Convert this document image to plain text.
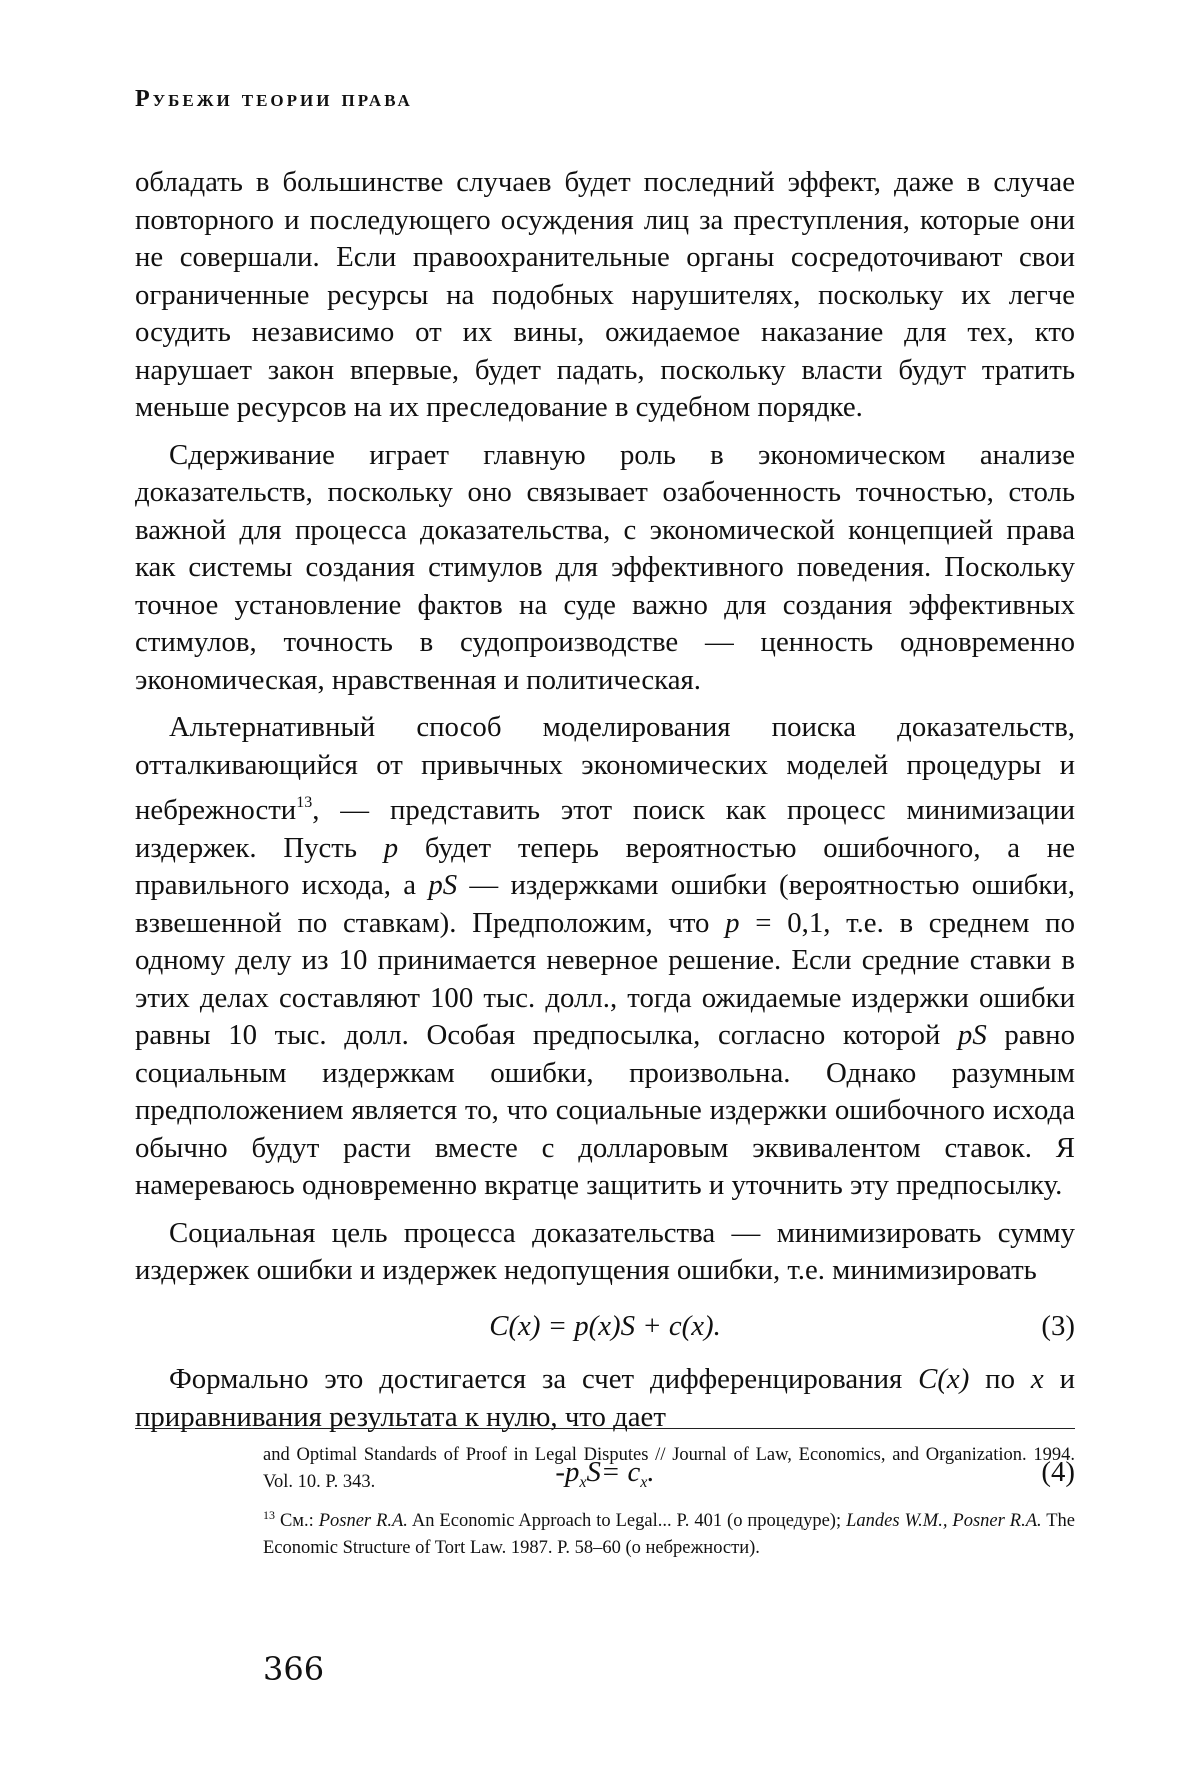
Рубежи теории права

обладать в большинстве случаев будет последний эффект, даже в случае повторного и последующего осуждения лиц за преступления, которые они не совершали. Если правоохранительные органы сосредоточивают свои ограниченные ресурсы на подобных нарушителях, поскольку их легче осудить независимо от их вины, ожидаемое наказание для тех, кто нарушает закон впервые, будет падать, поскольку власти будут тратить меньше ресурсов на их преследование в судебном порядке.

Сдерживание играет главную роль в экономическом анализе доказательств, поскольку оно связывает озабоченность точностью, столь важной для процесса доказательства, с экономической концепцией права как системы создания стимулов для эффективного поведения. Поскольку точное установление фактов на суде важно для создания эффективных стимулов, точность в судопроизводстве — ценность одновременно экономическая, нравственная и политическая.

Альтернативный способ моделирования поиска доказательств, отталкивающийся от привычных экономических моделей процедуры и небрежности$^{13}$, — представить этот поиск как процесс минимизации издержек. Пусть p будет теперь вероятностью ошибочного, а не правильного исхода, а pS — издержками ошибки (вероятностью ошибки, взвешенной по ставкам). Предположим, что p = 0,1, т.е. в среднем по одному делу из 10 принимается неверное решение. Если средние ставки в этих делах составляют 100 тыс. долл., тогда ожидаемые издержки ошибки равны 10 тыс. долл. Особая предпосылка, согласно которой pS равно социальным издержкам ошибки, произвольна. Однако разумным предположением является то, что социальные издержки ошибочного исхода обычно будут расти вместе с долларовым эквивалентом ставок. Я намереваюсь одновременно вкратце защитить и уточнить эту предпосылку.

Социальная цель процесса доказательства — минимизировать сумму издержек ошибки и издержек недопущения ошибки, т.е. минимизировать

C(x) = p(x)S + c(x).	(3)

Формально это достигается за счет дифференцирования C(x) по x и приравнивания результата к нулю, что дает

$-p_xS= c_x$.	(4)

and Optimal Standards of Proof in Legal Disputes // Journal of Law, Economics, and Organization. 1994. Vol. 10. P. 343.

$^{13}$ См.: Posner R.A. An Economic Approach to Legal... P. 401 (о процедуре); Landes W.M., Posner R.A. The Economic Structure of Tort Law. 1987. P. 58–60 (о небрежности).

366
